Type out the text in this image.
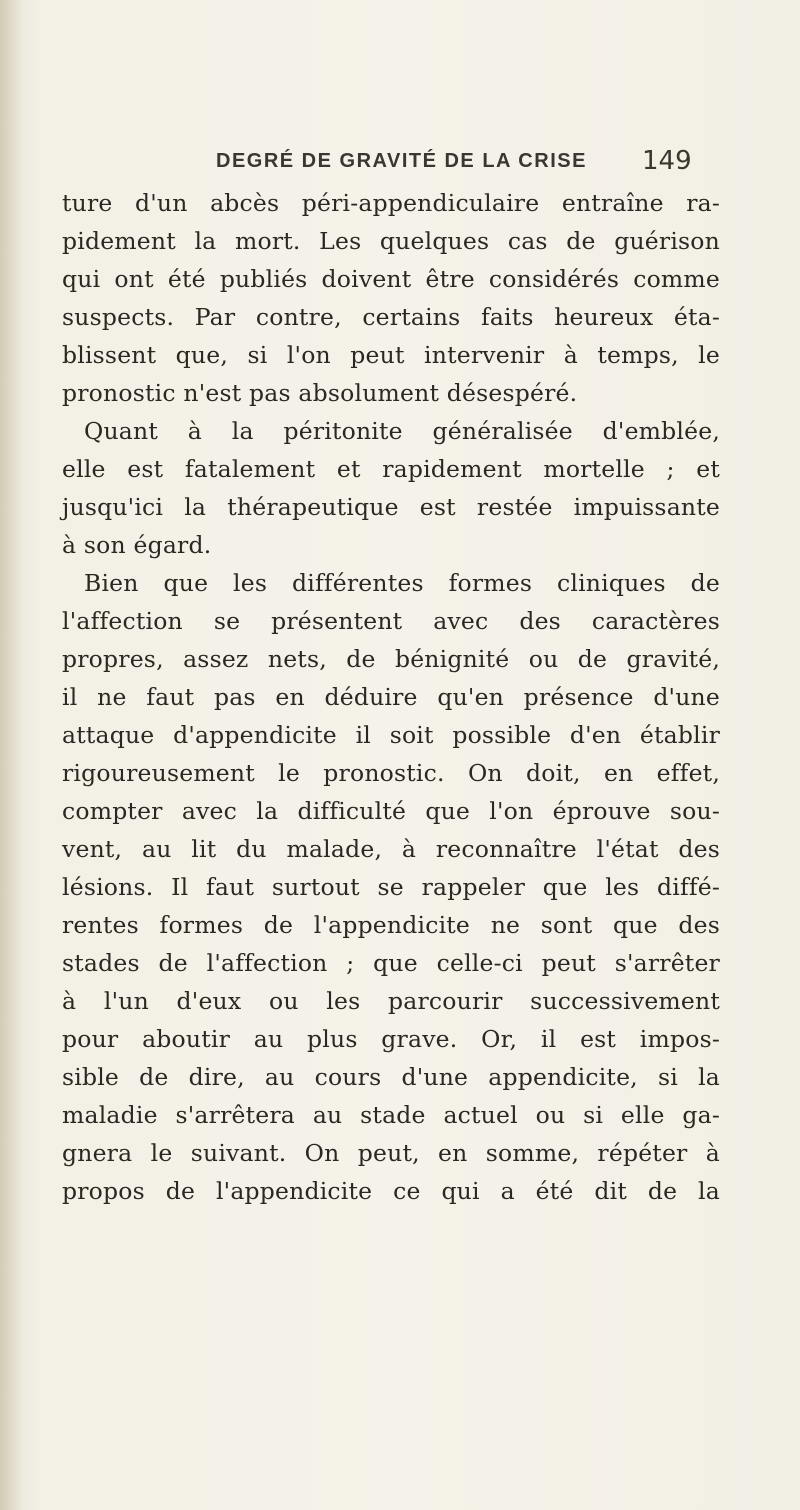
DEGRÉ DE GRAVITÉ DE LA CRISE 149
ture d'un abcès péri-appendiculaire entraîne ra-
pidement la mort. Les quelques cas de guérison
qui ont été publiés doivent être considérés comme
suspects. Par contre, certains faits heureux éta-
blissent que, si l'on peut intervenir à temps, le
pronostic n'est pas absolument désespéré.
Quant à la péritonite généralisée d'emblée,
elle est fatalement et rapidement mortelle ; et
jusqu'ici la thérapeutique est restée impuissante
à son égard.
Bien que les différentes formes cliniques de
l'affection se présentent avec des caractères
propres, assez nets, de bénignité ou de gravité,
il ne faut pas en déduire qu'en présence d'une
attaque d'appendicite il soit possible d'en établir
rigoureusement le pronostic. On doit, en effet,
compter avec la difficulté que l'on éprouve sou-
vent, au lit du malade, à reconnaître l'état des
lésions. Il faut surtout se rappeler que les diffé-
rentes formes de l'appendicite ne sont que des
stades de l'affection ; que celle-ci peut s'arrêter
à l'un d'eux ou les parcourir successivement
pour aboutir au plus grave. Or, il est impos-
sible de dire, au cours d'une appendicite, si la
maladie s'arrêtera au stade actuel ou si elle ga-
gnera le suivant. On peut, en somme, répéter à
propos de l'appendicite ce qui a été dit de la
